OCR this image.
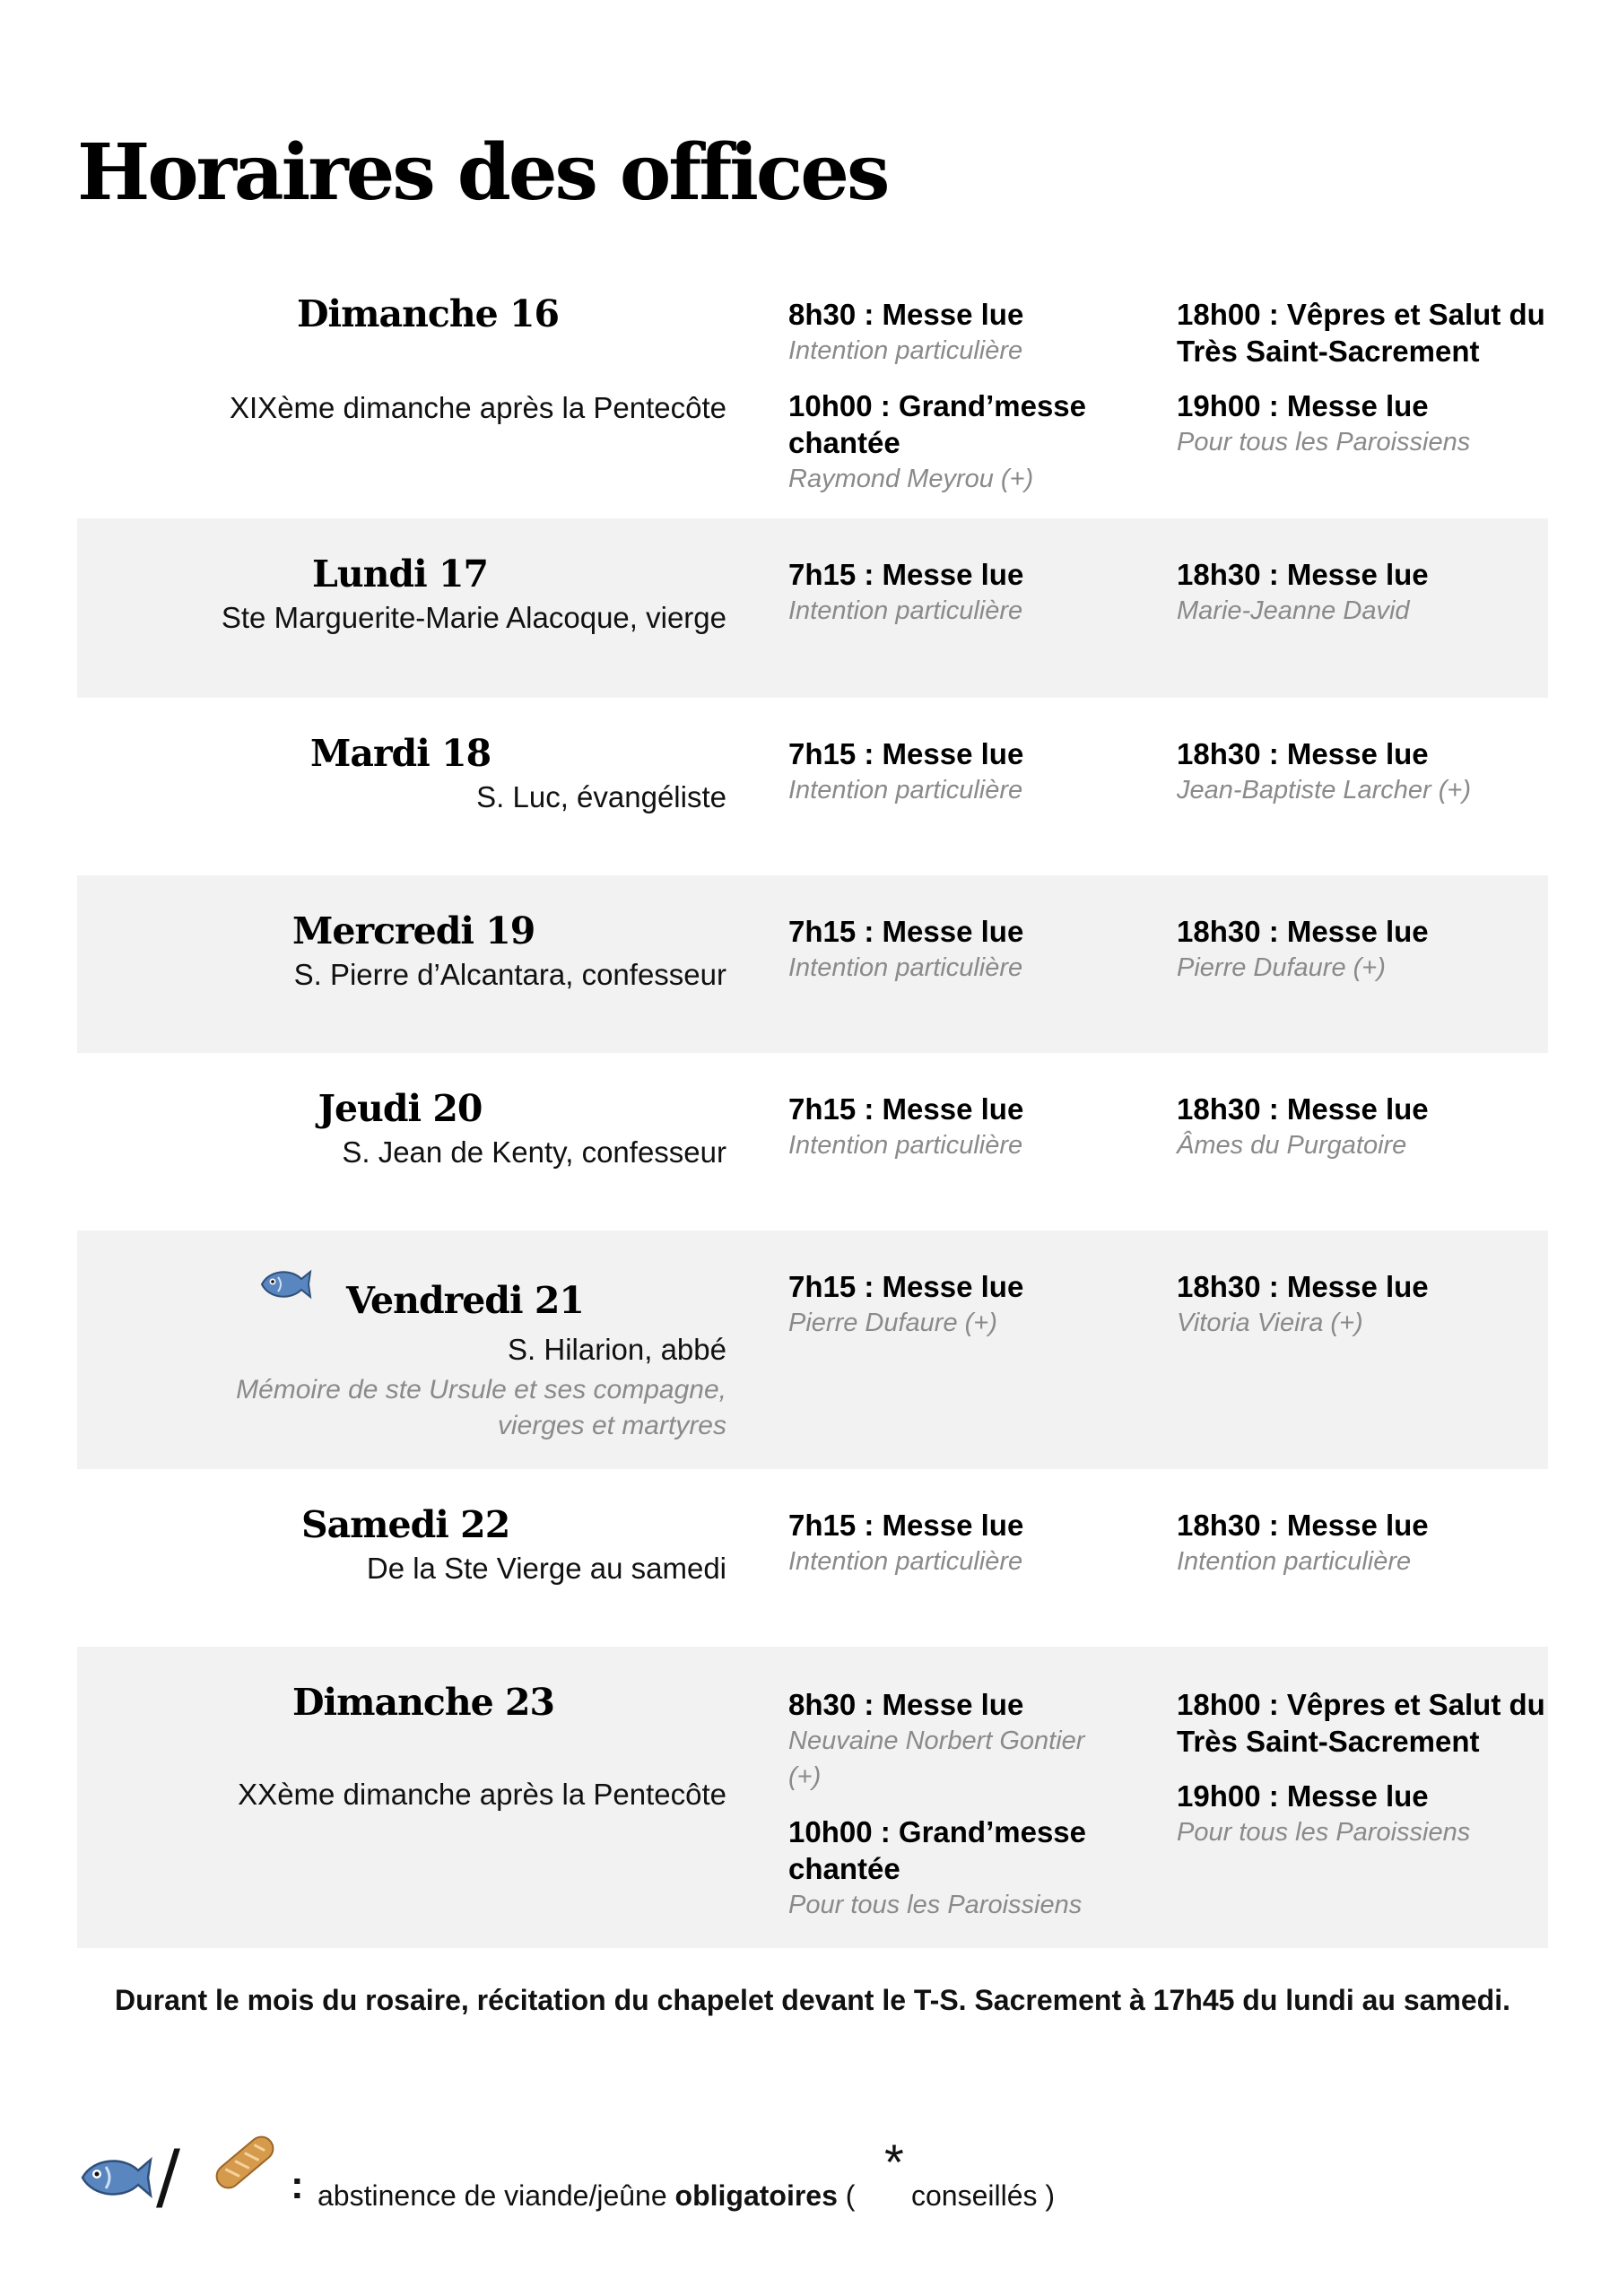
Horaires des offices
Dimanche 16
XIXème dimanche après la Pentecôte
8h30 : Messe lue
Intention particulière
10h00 : Grand’messe chantée
Raymond Meyrou (+)
18h00 : Vêpres et Salut du Très Saint-Sacrement
19h00 : Messe lue
Pour tous les Paroissiens
Lundi 17
Ste Marguerite-Marie Alacoque, vierge
7h15 : Messe lue
Intention particulière
18h30 : Messe lue
Marie-Jeanne David
Mardi 18
S. Luc, évangéliste
7h15 : Messe lue
Intention particulière
18h30 : Messe lue
Jean-Baptiste Larcher (+)
Mercredi 19
S. Pierre d’Alcantara, confesseur
7h15 : Messe lue
Intention particulière
18h30 : Messe lue
Pierre Dufaure (+)
Jeudi 20
S. Jean de Kenty, confesseur
7h15 : Messe lue
Intention particulière
18h30 : Messe lue
Âmes du Purgatoire
Vendredi 21
S. Hilarion, abbé
Mémoire de ste Ursule et ses compagne, vierges et martyres
7h15 : Messe lue
Pierre Dufaure (+)
18h30 : Messe lue
Vitoria Vieira (+)
Samedi 22
De la Ste Vierge au samedi
7h15 : Messe lue
Intention particulière
18h30 : Messe lue
Intention particulière
Dimanche 23
XXème dimanche après la Pentecôte
8h30 : Messe lue
Neuvaine Norbert Gontier (+)
10h00 : Grand’messe chantée
Pour tous les Paroissiens
18h00 : Vêpres et Salut du Très Saint-Sacrement
19h00 : Messe lue
Pour tous les Paroissiens
Durant le mois du rosaire, récitation du chapelet devant le T-S. Sacrement à 17h45 du lundi au samedi.
/	: abstinence de viande/jeûne obligatoires (
*
conseillés )
